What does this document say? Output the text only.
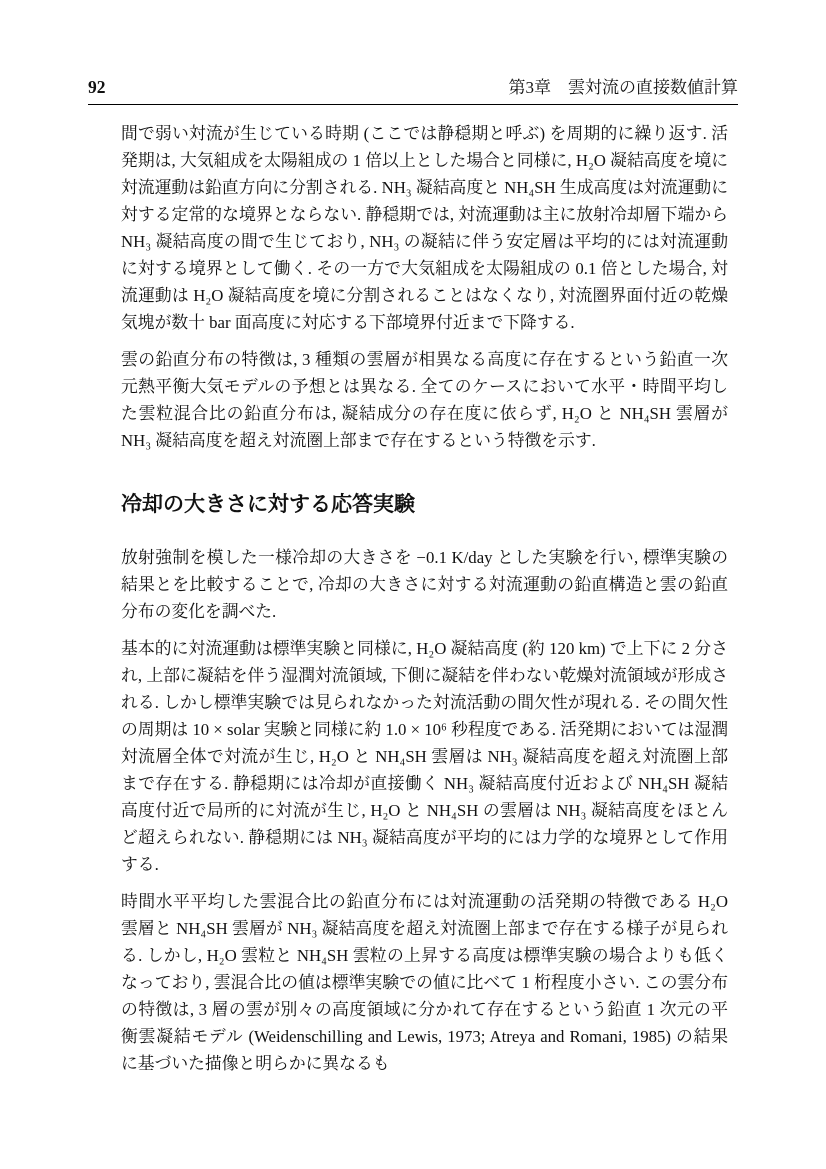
92	第3章　雲対流の直接数値計算

間で弱い対流が生じている時期 (ここでは静穏期と呼ぶ) を周期的に繰り返す. 活発期は, 大気組成を太陽組成の 1 倍以上とした場合と同様に, H₂O 凝結高度を境に対流運動は鉛直方向に分割される. NH₃ 凝結高度と NH₄SH 生成高度は対流運動に対する定常的な境界とならない. 静穏期では, 対流運動は主に放射冷却層下端から NH₃ 凝結高度の間で生じており, NH₃ の凝結に伴う安定層は平均的には対流運動に対する境界として働く. その一方で大気組成を太陽組成の 0.1 倍とした場合, 対流運動は H₂O 凝結高度を境に分割されることはなくなり, 対流圏界面付近の乾燥気塊が数十 bar 面高度に対応する下部境界付近まで下降する.

雲の鉛直分布の特徴は, 3 種類の雲層が相異なる高度に存在するという鉛直一次元熱平衡大気モデルの予想とは異なる. 全てのケースにおいて水平・時間平均した雲粒混合比の鉛直分布は, 凝結成分の存在度に依らず, H₂O と NH₄SH 雲層が NH₃ 凝結高度を超え対流圏上部まで存在するという特徴を示す.

冷却の大きさに対する応答実験

放射強制を模した一様冷却の大きさを −0.1 K/day とした実験を行い, 標準実験の結果とを比較することで, 冷却の大きさに対する対流運動の鉛直構造と雲の鉛直分布の変化を調べた.

基本的に対流運動は標準実験と同様に, H₂O 凝結高度 (約 120 km) で上下に 2 分され, 上部に凝結を伴う湿潤対流領域, 下側に凝結を伴わない乾燥対流領域が形成される. しかし標準実験では見られなかった対流活動の間欠性が現れる. その間欠性の周期は 10 × solar 実験と同様に約 1.0 × 10⁶ 秒程度である. 活発期においては湿潤対流層全体で対流が生じ, H₂O と NH₄SH 雲層は NH₃ 凝結高度を超え対流圏上部まで存在する. 静穏期には冷却が直接働く NH₃ 凝結高度付近および NH₄SH 凝結高度付近で局所的に対流が生じ, H₂O と NH₄SH の雲層は NH₃ 凝結高度をほとんど超えられない. 静穏期には NH₃ 凝結高度が平均的には力学的な境界として作用する.

時間水平平均した雲混合比の鉛直分布には対流運動の活発期の特徴である H₂O 雲層と NH₄SH 雲層が NH₃ 凝結高度を超え対流圏上部まで存在する様子が見られる. しかし, H₂O 雲粒と NH₄SH 雲粒の上昇する高度は標準実験の場合よりも低くなっており, 雲混合比の値は標準実験での値に比べて 1 桁程度小さい. この雲分布の特徴は, 3 層の雲が別々の高度領域に分かれて存在するという鉛直 1 次元の平衡雲凝結モデル (Weidenschilling and Lewis, 1973; Atreya and Romani, 1985) の結果に基づいた描像と明らかに異なるも
